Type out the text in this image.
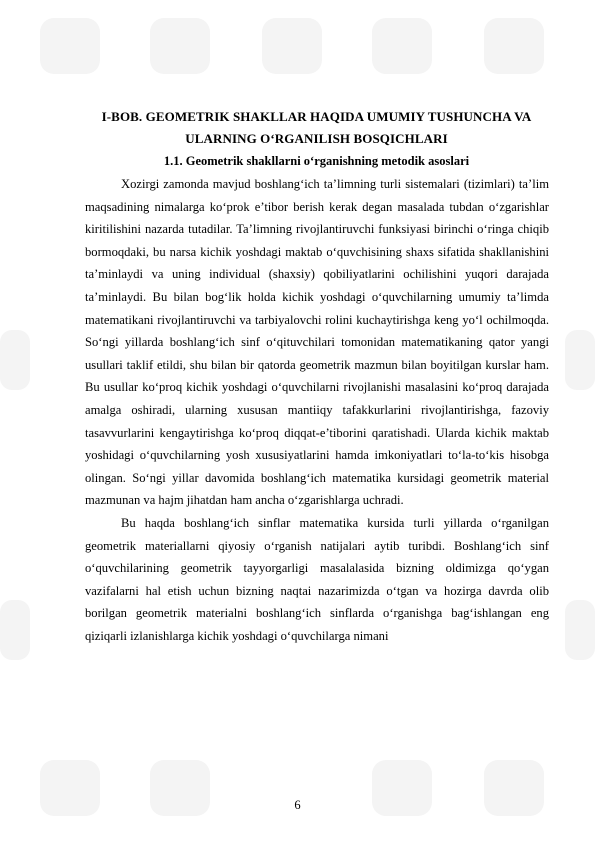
I-BOB. GEOMETRIK SHAKLLAR HAQIDA UMUMIY TUSHUNCHA VA
ULARNING O‘RGANILISH BOSQICHLARI
1.1. Geometrik shakllarni o‘rganishning metodik asoslari

Xozirgi zamonda mavjud boshlang‘ich ta’limning turli sistemalari (tizimlari) ta’lim maqsadining nimalarga ko‘prok e’tibor berish kerak degan masalada tubdan o‘zgarishlar kiritilishini nazarda tutadilar. Ta’limning rivojlantiruvchi funksiyasi birinchi o‘ringa chiqib bormoqdaki, bu narsa kichik yoshdagi maktab o‘quvchisining shaxs sifatida shakllanishini ta’minlaydi va uning individual (shaxsiy) qobiliyatlarini ochilishini yuqori darajada ta’minlaydi. Bu bilan bog‘lik holda kichik yoshdagi o‘quvchilarning umumiy ta’limda matematikani rivojlantiruvchi va tarbiyalovchi rolini kuchaytirishga keng yo‘l ochilmoqda. So‘ngi yillarda boshlang‘ich sinf o‘qituvchilari tomonidan matematikaning qator yangi usullari taklif etildi, shu bilan bir qatorda geometrik mazmun bilan boyitilgan kurslar ham. Bu usullar ko‘proq kichik yoshdagi o‘quvchilarni rivojlanishi masalasini ko‘proq darajada amalga oshiradi, ularning xususan mantiiqy tafakkurlarini rivojlantirishga, fazoviy tasavvurlarini kengaytirishga ko‘proq diqqat-e’tiborini qaratishadi. Ularda kichik maktab yoshidagi o‘quvchilarning yosh xususiyatlarini hamda imkoniyatlari to‘la-to‘kis hisobga olingan. So‘ngi yillar davomida boshlang‘ich matematika kursidagi geometrik material mazmunan va hajm jihatdan ham ancha o‘zgarishlarga uchradi.

Bu haqda boshlang‘ich sinflar matematika kursida turli yillarda o‘rganilgan geometrik materiallarni qiyosiy o‘rganish natijalari aytib turibdi. Boshlang‘ich sinf o‘quvchilarining geometrik tayyorgarligi masalalasida bizning oldimizga qo‘ygan vazifalarni hal etish uchun bizning naqtai nazarimizda o‘tgan va hozirga davrda olib borilgan geometrik materialni boshlang‘ich sinflarda o‘rganishga bag‘ishlangan eng qiziqarli izlanishlarga kichik yoshdagi o‘quvchilarga nimani

6
